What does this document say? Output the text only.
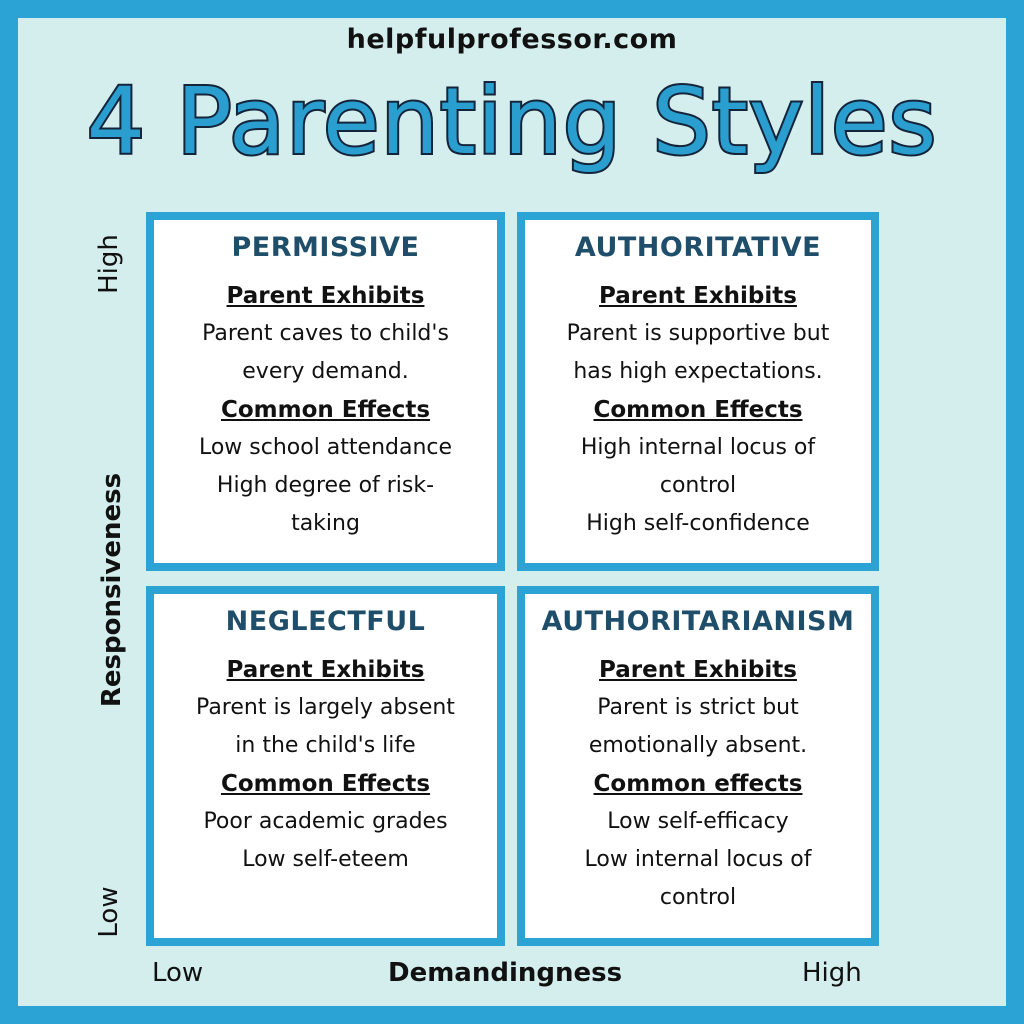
helpfulprofessor.com
4 Parenting Styles
PERMISSIVE
Parent Exhibits
Parent caves to child's
every demand.
Common Effects
Low school attendance
High degree of risk-
taking
AUTHORITATIVE
Parent Exhibits
Parent is supportive but
has high expectations.
Common Effects
High internal locus of
control
High self-confidence
NEGLECTFUL
Parent Exhibits
Parent is largely absent
in the child's life
Common Effects
Poor academic grades
Low self-eteem
AUTHORITARIANISM
Parent Exhibits
Parent is strict but
emotionally absent.
Common effects
Low self-efficacy
Low internal locus of
control
High
Responsiveness
Low
Low	Demandingness	High
